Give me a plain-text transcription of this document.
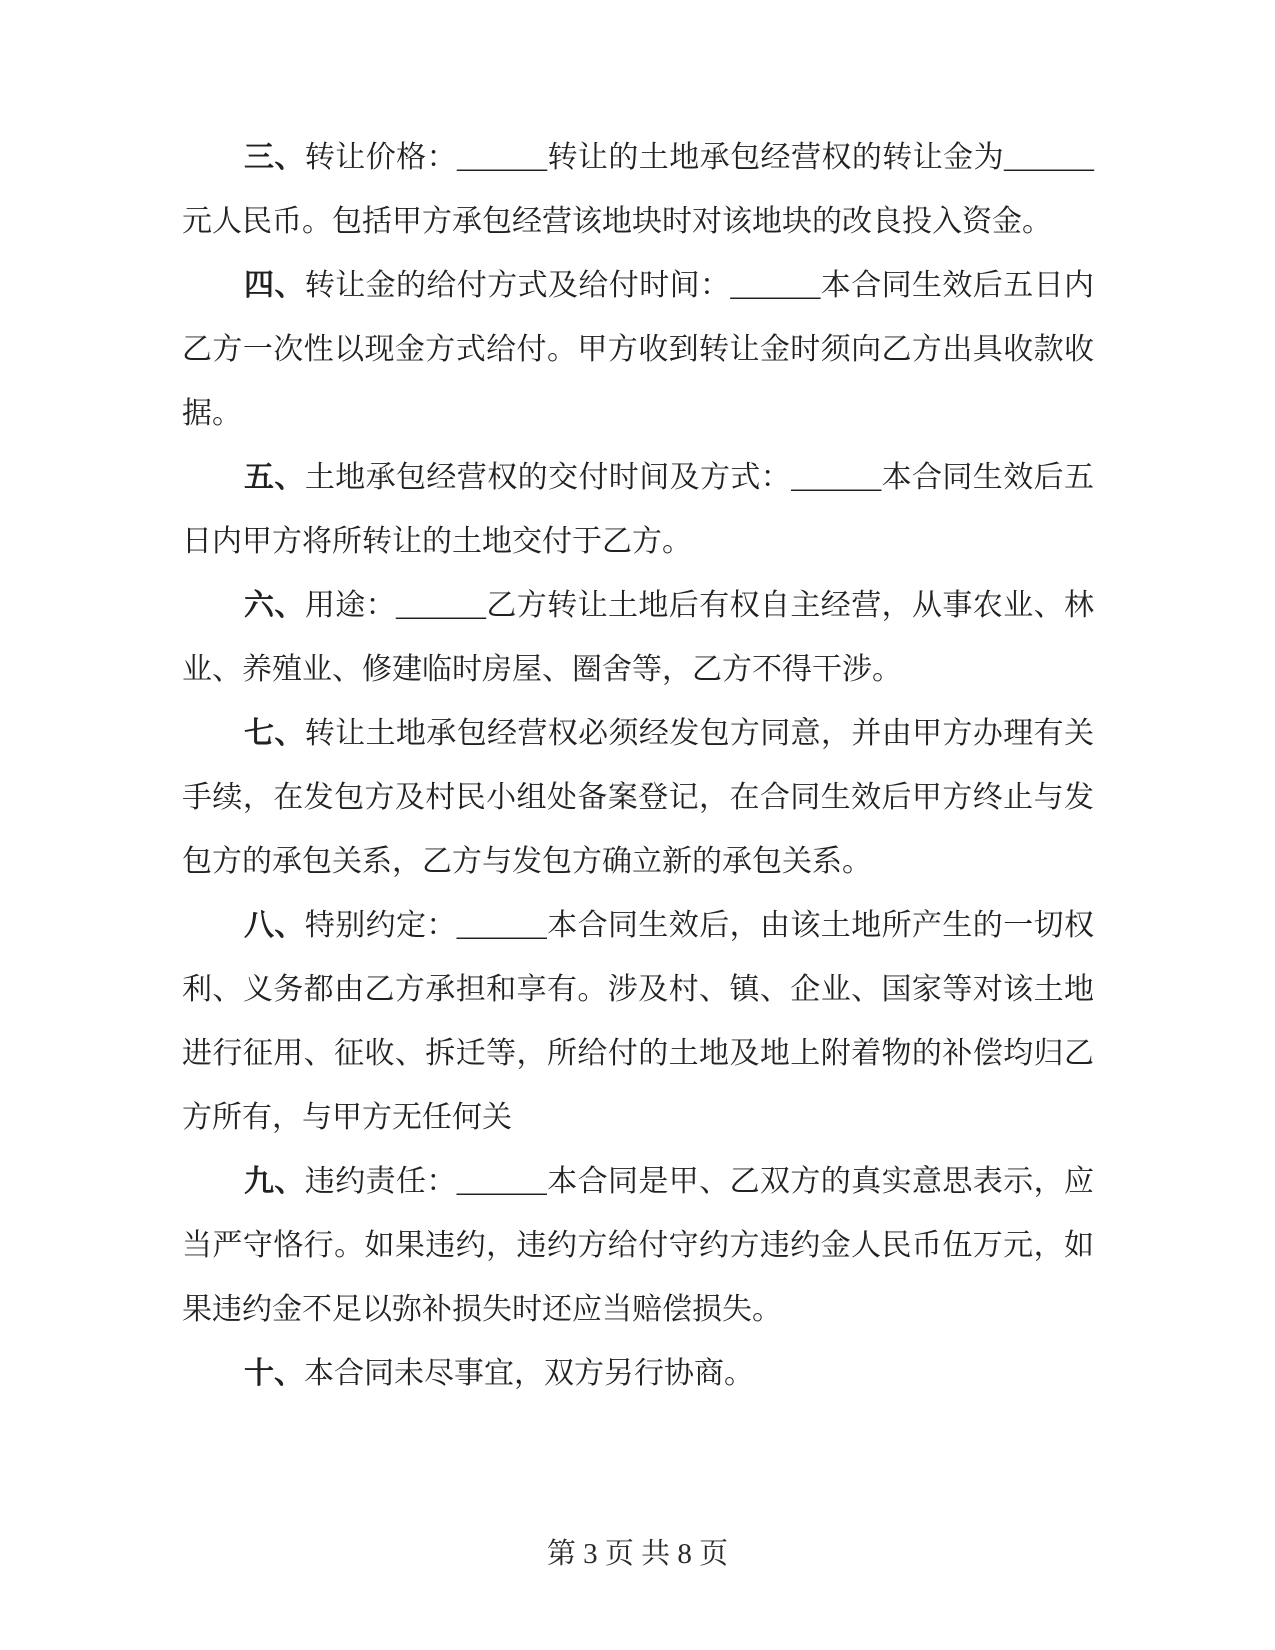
三、转让价格：______转让的土地承包经营权的转让金为______元人民币。包括甲方承包经营该地块时对该地块的改良投入资金。

四、转让金的给付方式及给付时间：______本合同生效后五日内乙方一次性以现金方式给付。甲方收到转让金时须向乙方出具收款收据。

五、土地承包经营权的交付时间及方式：______本合同生效后五日内甲方将所转让的土地交付于乙方。

六、用途：______乙方转让土地后有权自主经营，从事农业、林业、养殖业、修建临时房屋、圈舍等，乙方不得干涉。

七、转让土地承包经营权必须经发包方同意，并由甲方办理有关手续，在发包方及村民小组处备案登记，在合同生效后甲方终止与发包方的承包关系，乙方与发包方确立新的承包关系。

八、特别约定：______本合同生效后，由该土地所产生的一切权利、义务都由乙方承担和享有。涉及村、镇、企业、国家等对该土地进行征用、征收、拆迁等，所给付的土地及地上附着物的补偿均归乙方所有，与甲方无任何关

九、违约责任：______本合同是甲、乙双方的真实意思表示，应当严守恪行。如果违约，违约方给付守约方违约金人民币伍万元，如果违约金不足以弥补损失时还应当赔偿损失。

十、本合同未尽事宜，双方另行协商。

第 3 页 共 8 页
